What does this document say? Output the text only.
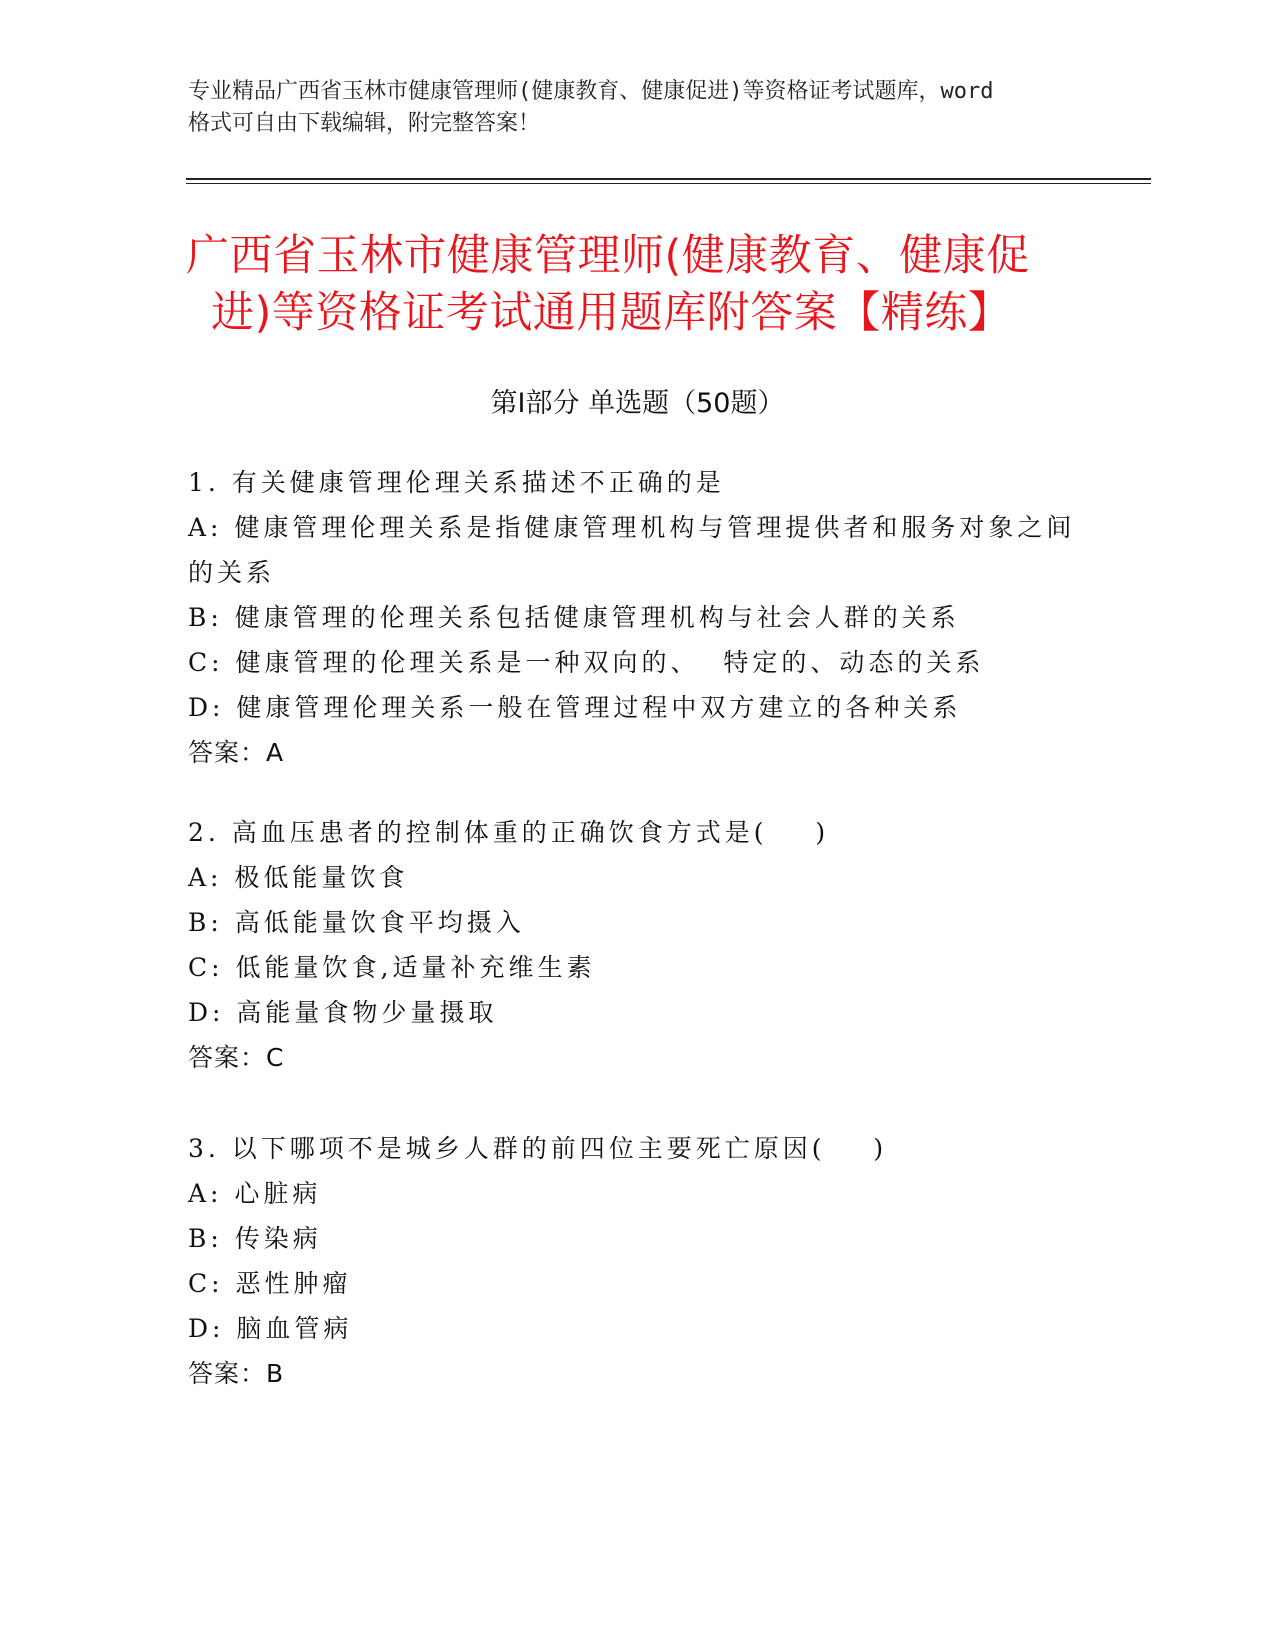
专业精品广西省玉林市健康管理师(健康教育、健康促进)等资格证考试题库，word
格式可自由下载编辑，附完整答案！
广西省玉林市健康管理师(健康教育、健康促
进)等资格证考试通用题库附答案【精练】
第Ⅰ部分 单选题（50题）
1. 有关健康管理伦理关系描述不正确的是
A: 健康管理伦理关系是指健康管理机构与管理提供者和服务对象之间的关系
B: 健康管理的伦理关系包括健康管理机构与社会人群的关系
C: 健康管理的伦理关系是一种双向的、  特定的、动态的关系
D: 健康管理伦理关系一般在管理过程中双方建立的各种关系
答案：A
2. 高血压患者的控制体重的正确饮食方式是(    )
A: 极低能量饮食
B: 高低能量饮食平均摄入
C: 低能量饮食,适量补充维生素
D: 高能量食物少量摄取
答案：C
3. 以下哪项不是城乡人群的前四位主要死亡原因(    )
A: 心脏病
B: 传染病
C: 恶性肿瘤
D: 脑血管病
答案：B
